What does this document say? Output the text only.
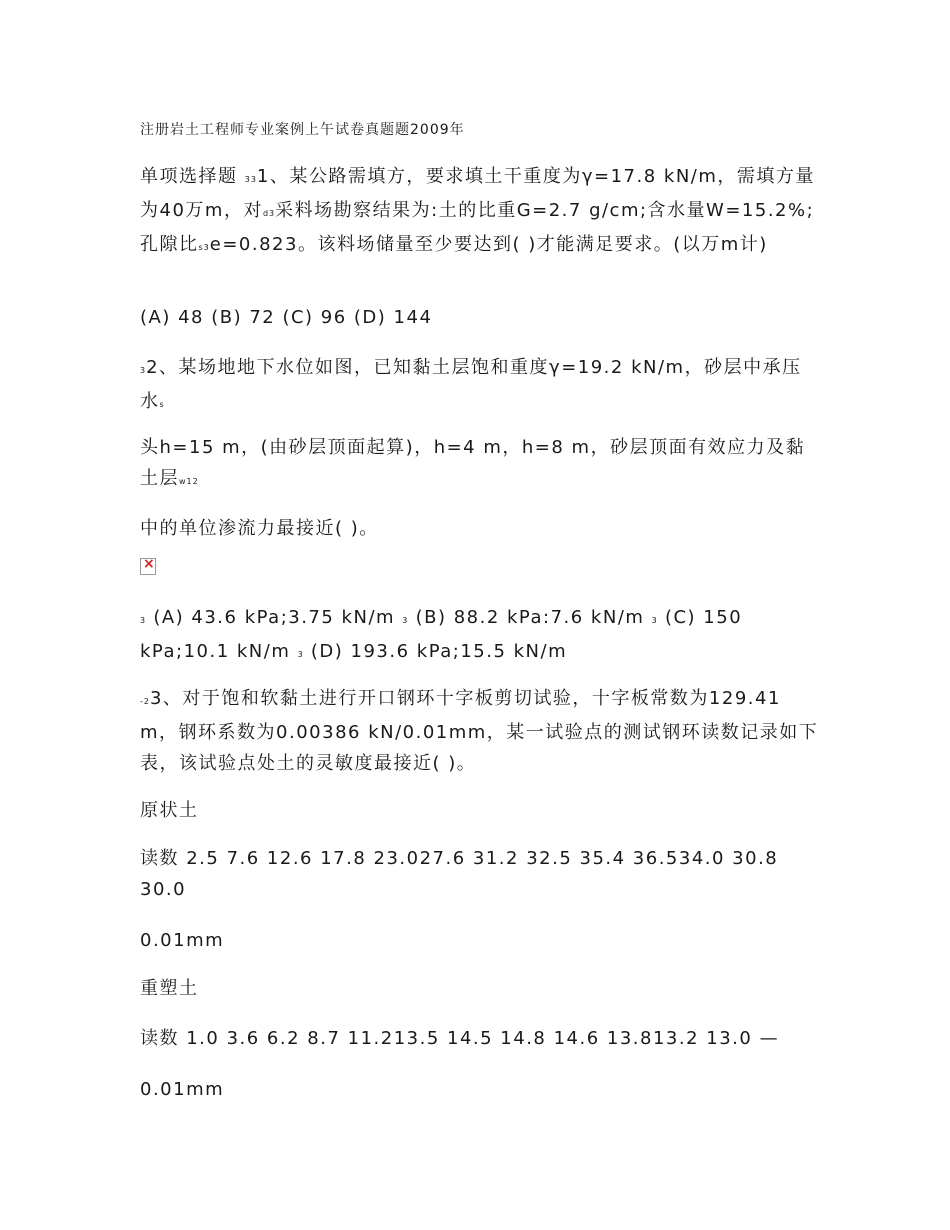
注册岩土工程师专业案例上午试卷真题题2009年
单项选择题 331、某公路需填方，要求填土干重度为γ=17.8 kN/m，需填方量为40万m，对d3采料场勘察结果为:土的比重G=2.7 g/cm;含水量W=15.2%;孔隙比s3e=0.823。该料场储量至少要达到( )才能满足要求。(以万m计)
(A) 48 (B) 72 (C) 96 (D) 144
32、某场地地下水位如图，已知黏土层饱和重度γ=19.2 kN/m，砂层中承压水s
头h=15 m，(由砂层顶面起算)，h=4 m，h=8 m，砂层顶面有效应力及黏土层w12
中的单位渗流力最接近( )。
×
3 (A) 43.6 kPa;3.75 kN/m 3 (B) 88.2 kPa:7.6 kN/m 3 (C) 150 kPa;10.1 kN/m 3 (D) 193.6 kPa;15.5 kN/m
-23、对于饱和软黏土进行开口钢环十字板剪切试验，十字板常数为129.41 m，钢环系数为0.00386 kN/0.01mm，某一试验点的测试钢环读数记录如下表，该试验点处土的灵敏度最接近( )。
原状土
读数 2.5 7.6 12.6 17.8 23.027.6 31.2 32.5 35.4 36.534.0 30.8 30.0
0.01mm
重塑土
读数 1.0 3.6 6.2 8.7 11.213.5 14.5 14.8 14.6 13.813.2 13.0 —
0.01mm
